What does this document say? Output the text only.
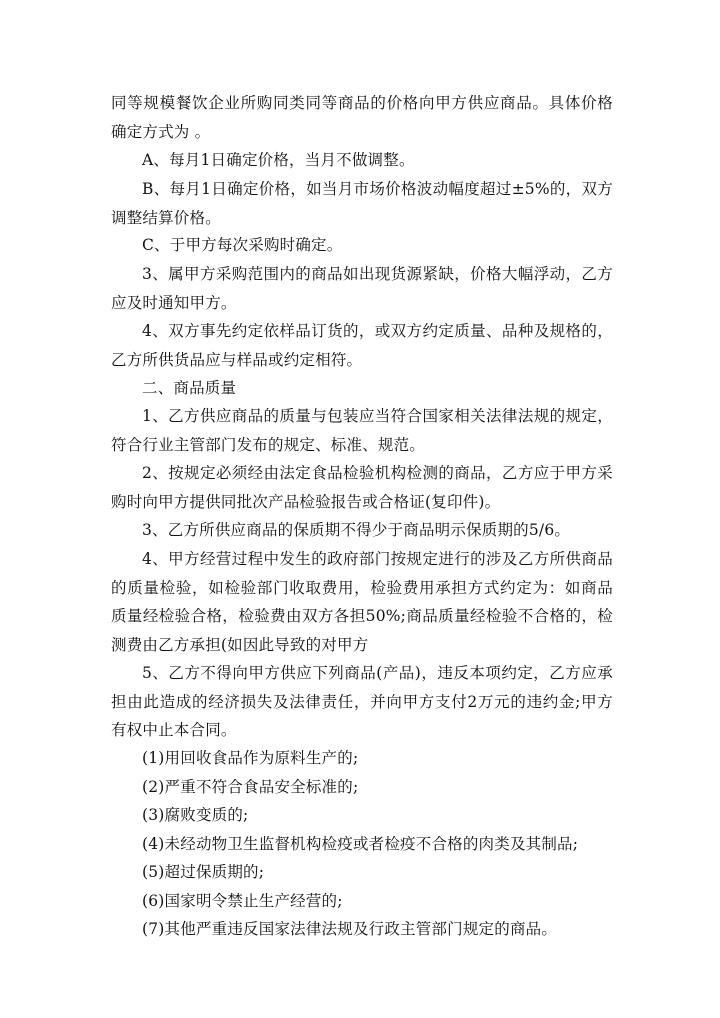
同等规模餐饮企业所购同类同等商品的价格向甲方供应商品。具体价格确定方式为 。

A、每月1日确定价格，当月不做调整。

B、每月1日确定价格，如当月市场价格波动幅度超过±5%的，双方调整结算价格。

C、于甲方每次采购时确定。

3、属甲方采购范围内的商品如出现货源紧缺，价格大幅浮动，乙方应及时通知甲方。

4、双方事先约定依样品订货的，或双方约定质量、品种及规格的，乙方所供货品应与样品或约定相符。

二、商品质量

1、乙方供应商品的质量与包装应当符合国家相关法律法规的规定，符合行业主管部门发布的规定、标准、规范。

2、按规定必须经由法定食品检验机构检测的商品，乙方应于甲方采购时向甲方提供同批次产品检验报告或合格证(复印件)。

3、乙方所供应商品的保质期不得少于商品明示保质期的5/6。

4、甲方经营过程中发生的政府部门按规定进行的涉及乙方所供商品的质量检验，如检验部门收取费用，检验费用承担方式约定为：如商品质量经检验合格，检验费由双方各担50%;商品质量经检验不合格的，检测费由乙方承担(如因此导致的对甲方

5、乙方不得向甲方供应下列商品(产品)，违反本项约定，乙方应承担由此造成的经济损失及法律责任，并向甲方支付2万元的违约金;甲方有权中止本合同。

(1)用回收食品作为原料生产的;

(2)严重不符合食品安全标准的;

(3)腐败变质的;

(4)未经动物卫生监督机构检疫或者检疫不合格的肉类及其制品;

(5)超过保质期的;

(6)国家明令禁止生产经营的;

(7)其他严重违反国家法律法规及行政主管部门规定的商品。
